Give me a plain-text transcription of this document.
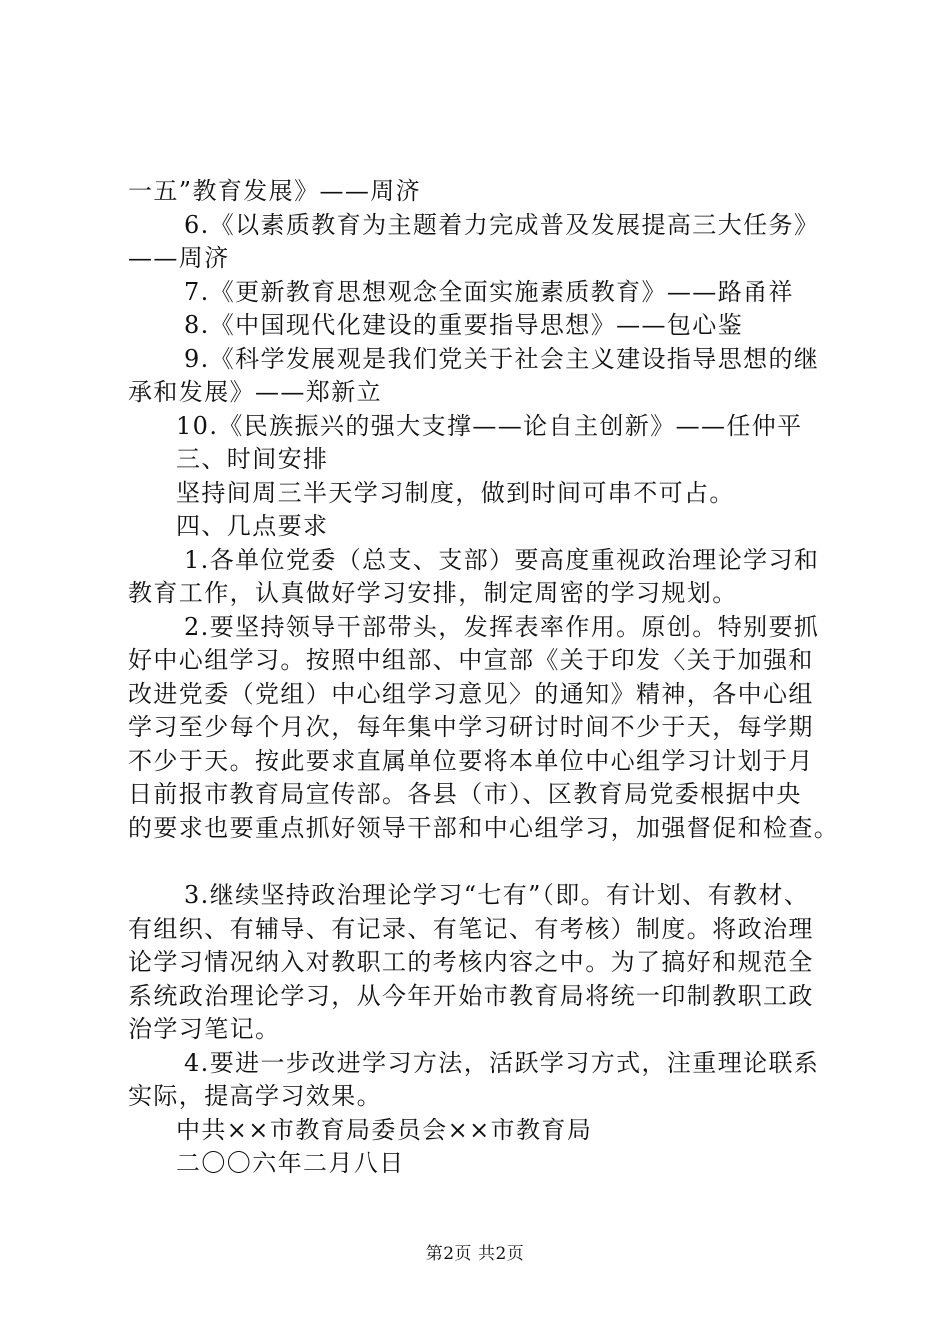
一五”教育发展》——周济
6.《以素质教育为主题着力完成普及发展提高三大任务》
——周济
7.《更新教育思想观念全面实施素质教育》——路甬祥
8.《中国现代化建设的重要指导思想》——包心鉴
9.《科学发展观是我们党关于社会主义建设指导思想的继
承和发展》——郑新立
10.《民族振兴的强大支撑——论自主创新》——任仲平
三、时间安排
坚持间周三半天学习制度，做到时间可串不可占。
四、几点要求
1.各单位党委（总支、支部）要高度重视政治理论学习和
教育工作，认真做好学习安排，制定周密的学习规划。
2.要坚持领导干部带头，发挥表率作用。原创。特别要抓
好中心组学习。按照中组部、中宣部《关于印发〈关于加强和
改进党委（党组）中心组学习意见〉的通知》精神，各中心组
学习至少每个月次，每年集中学习研讨时间不少于天，每学期
不少于天。按此要求直属单位要将本单位中心组学习计划于月
日前报市教育局宣传部。各县（市）、区教育局党委根据中央
的要求也要重点抓好领导干部和中心组学习，加强督促和检查。
3.继续坚持政治理论学习“七有”（即。有计划、有教材、
有组织、有辅导、有记录、有笔记、有考核）制度。将政治理
论学习情况纳入对教职工的考核内容之中。为了搞好和规范全
系统政治理论学习，从今年开始市教育局将统一印制教职工政
治学习笔记。
4.要进一步改进学习方法，活跃学习方式，注重理论联系
实际，提高学习效果。
中共××市教育局委员会××市教育局
二〇〇六年二月八日
第2页 共2页
